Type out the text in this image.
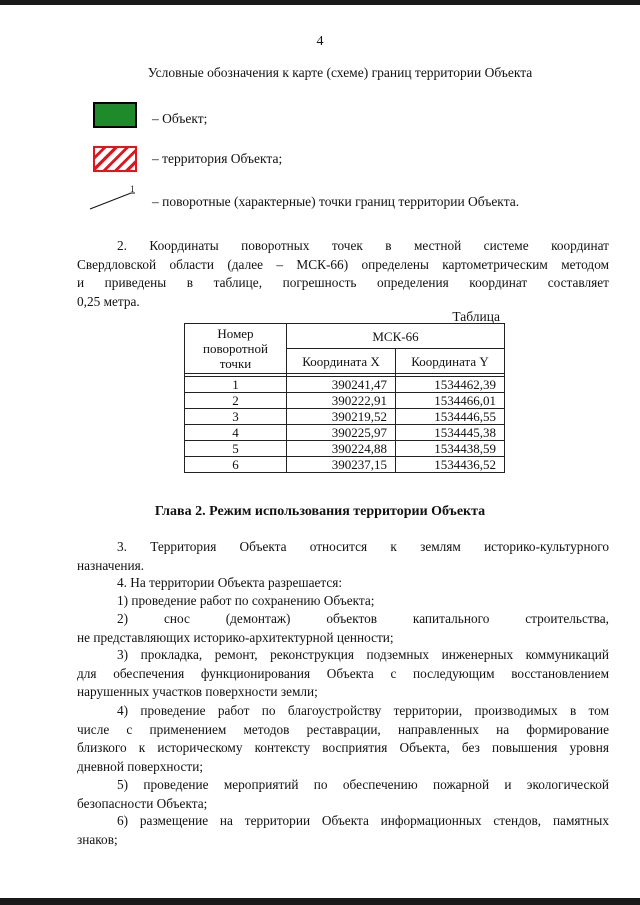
4
Условные обозначения к карте (схеме) границ территории Объекта
– Объект;
– территория Объекта;
1
– поворотные (характерные) точки границ территории Объекта.
2. Координаты поворотных точек в местной системе координат
Свердловской области (далее – МСК-66) определены картометрическим методом
и приведены в таблице, погрешность определения координат составляет
0,25 метра.
Таблица
Номер поворотной точки	МСК-66	
	Координата X	Координата Y

1	390241,47	1534462,39
2	390222,91	1534466,01
3	390219,52	1534446,55
4	390225,97	1534445,38
5	390224,88	1534438,59
6	390237,15	1534436,52
Глава 2. Режим использования территории Объекта
3. Территория Объекта относится к землям историко-культурного
назначения.
4. На территории Объекта разрешается:
1) проведение работ по сохранению Объекта;
2) снос (демонтаж) объектов капитального строительства,
не представляющих историко-архитектурной ценности;
3) прокладка, ремонт, реконструкция подземных инженерных коммуникаций
для обеспечения функционирования Объекта с последующим восстановлением
нарушенных участков поверхности земли;
4) проведение работ по благоустройству территории, производимых в том
числе с применением методов реставрации, направленных на формирование
близкого к историческому контексту восприятия Объекта, без повышения уровня
дневной поверхности;
5) проведение мероприятий по обеспечению пожарной и экологической
безопасности Объекта;
6) размещение на территории Объекта информационных стендов, памятных
знаков;
